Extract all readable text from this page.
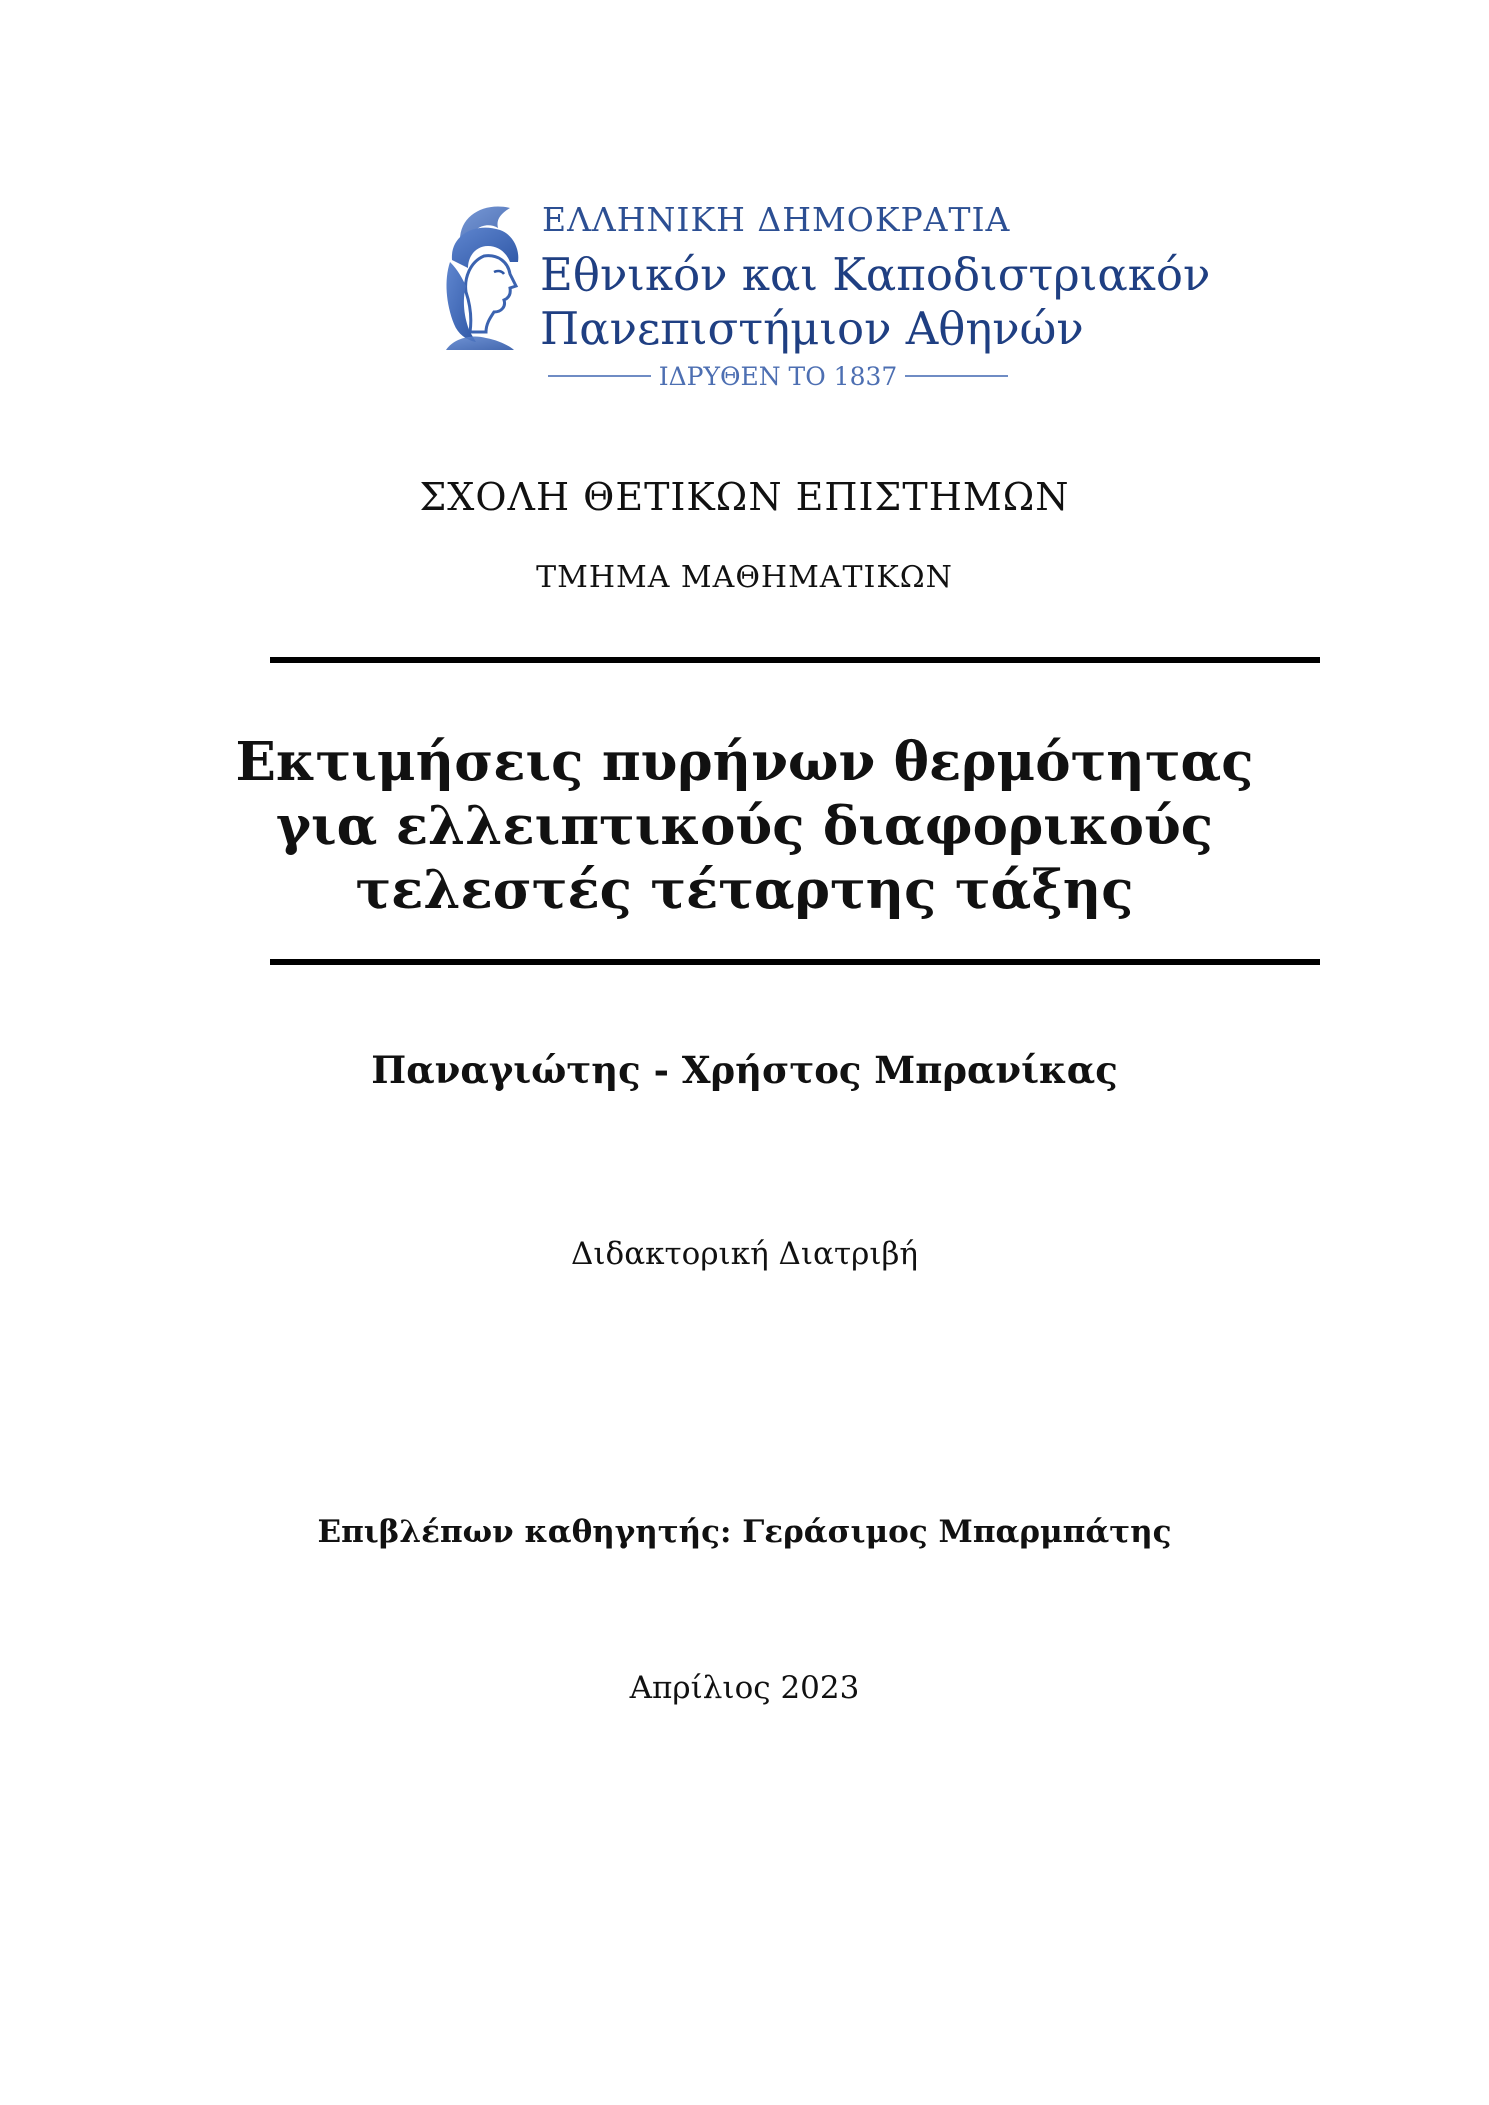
ΕΛΛΗΝΙΚΗ ΔΗΜΟΚΡΑΤΙΑ
Εθνικόν και Καποδιστριακόν
Πανεπιστήμιον Αθηνών
ΙΔΡΥΘΕΝ ΤΟ 1837
ΣΧΟΛΗ ΘΕΤΙΚΩΝ ΕΠΙΣΤΗΜΩΝ
ΤΜΗΜΑ ΜΑΘΗΜΑΤΙΚΩΝ
Εκτιμήσεις πυρήνων θερμότητας
για ελλειπτικούς διαφορικούς
τελεστές τέταρτης τάξης
Παναγιώτης - Χρήστος Μπρανίκας
Διδακτορική Διατριβή
Επιβλέπων καθηγητής: Γεράσιμος Μπαρμπάτης
Απρίλιος 2023
